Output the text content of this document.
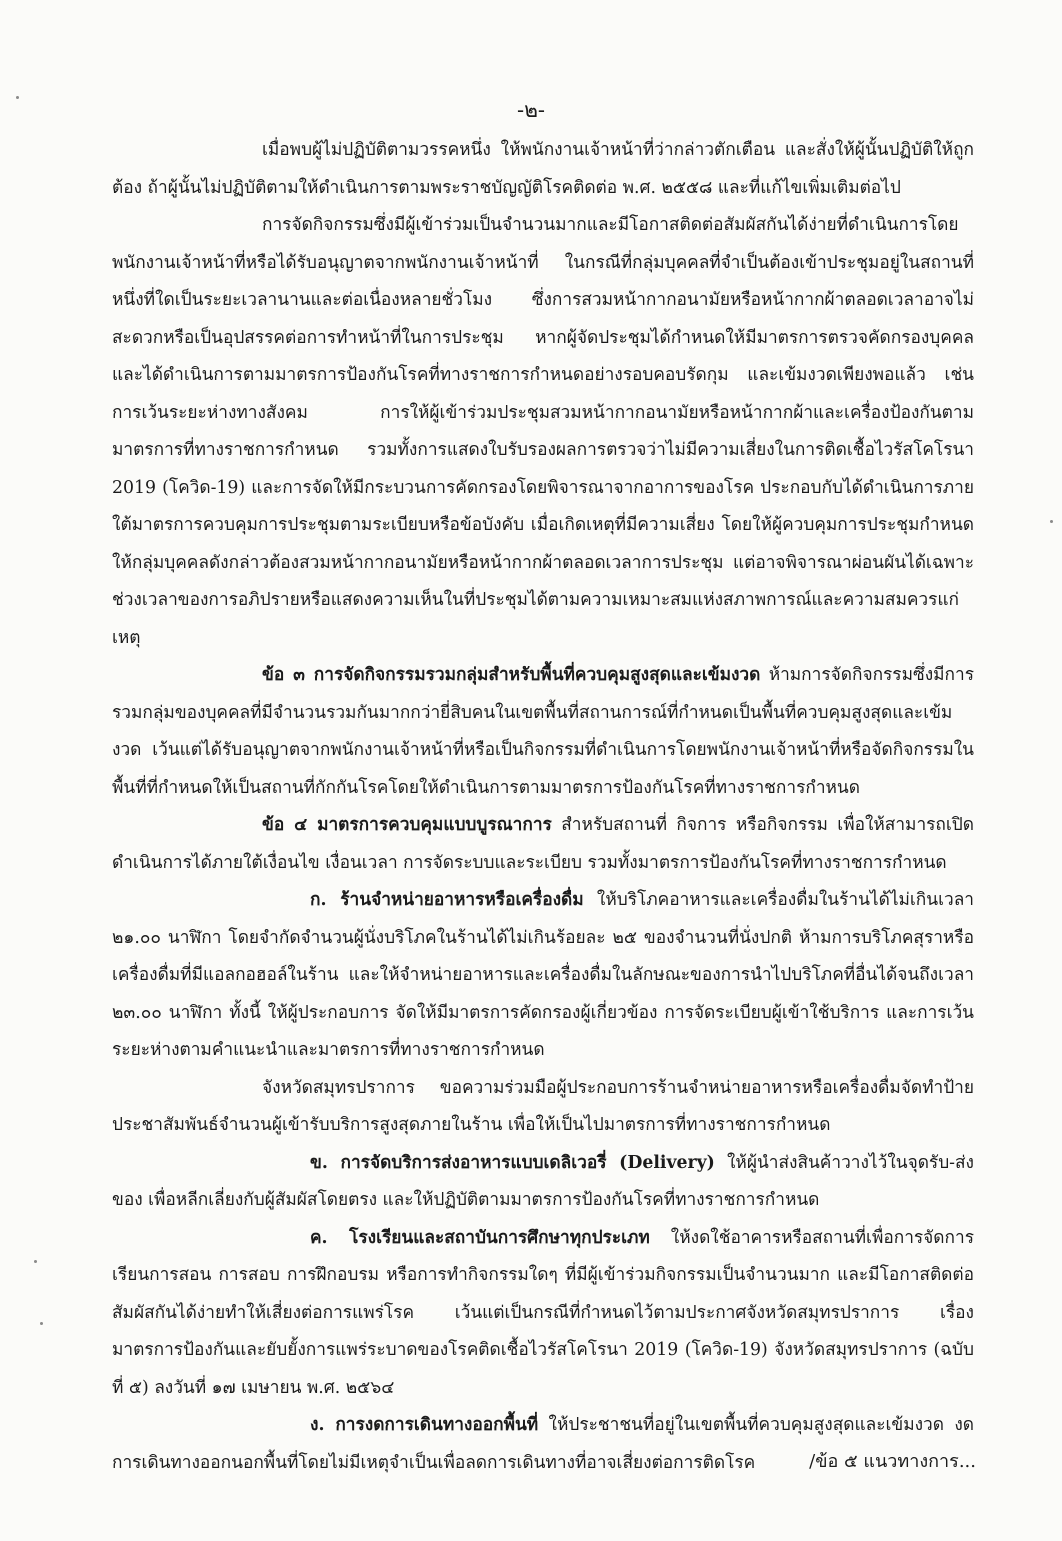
-๒-

เมื่อพบผู้ไม่ปฏิบัติตามวรรคหนึ่ง ให้พนักงานเจ้าหน้าที่ว่ากล่าวตักเตือน และสั่งให้ผู้นั้นปฏิบัติให้ถูกต้อง ถ้าผู้นั้นไม่ปฏิบัติตามให้ดำเนินการตามพระราชบัญญัติโรคติดต่อ พ.ศ. ๒๕๕๘ และที่แก้ไขเพิ่มเติมต่อไป

การจัดกิจกรรมซึ่งมีผู้เข้าร่วมเป็นจำนวนมากและมีโอกาสติดต่อสัมผัสกันได้ง่ายที่ดำเนินการโดยพนักงานเจ้าหน้าที่หรือได้รับอนุญาตจากพนักงานเจ้าหน้าที่ ในกรณีที่กลุ่มบุคคลที่จำเป็นต้องเข้าประชุมอยู่ในสถานที่หนึ่งที่ใดเป็นระยะเวลานานและต่อเนื่องหลายชั่วโมง ซึ่งการสวมหน้ากากอนามัยหรือหน้ากากผ้าตลอดเวลาอาจไม่สะดวกหรือเป็นอุปสรรคต่อการทำหน้าที่ในการประชุม หากผู้จัดประชุมได้กำหนดให้มีมาตรการตรวจคัดกรองบุคคลและได้ดำเนินการตามมาตรการป้องกันโรคที่ทางราชการกำหนดอย่างรอบคอบรัดกุม และเข้มงวดเพียงพอแล้ว เช่น การเว้นระยะห่างทางสังคม การให้ผู้เข้าร่วมประชุมสวมหน้ากากอนามัยหรือหน้ากากผ้าและเครื่องป้องกันตามมาตรการที่ทางราชการกำหนด รวมทั้งการแสดงใบรับรองผลการตรวจว่าไม่มีความเสี่ยงในการติดเชื้อไวรัสโคโรนา 2019 (โควิด-19) และการจัดให้มีกระบวนการคัดกรองโดยพิจารณาจากอาการของโรค ประกอบกับได้ดำเนินการภายใต้มาตรการควบคุมการประชุมตามระเบียบหรือข้อบังคับ เมื่อเกิดเหตุที่มีความเสี่ยง โดยให้ผู้ควบคุมการประชุมกำหนดให้กลุ่มบุคคลดังกล่าวต้องสวมหน้ากากอนามัยหรือหน้ากากผ้าตลอดเวลาการประชุม แต่อาจพิจารณาผ่อนผันได้เฉพาะช่วงเวลาของการอภิปรายหรือแสดงความเห็นในที่ประชุมได้ตามความเหมาะสมแห่งสภาพการณ์และความสมควรแก่เหตุ

ข้อ ๓ การจัดกิจกรรมรวมกลุ่มสำหรับพื้นที่ควบคุมสูงสุดและเข้มงวด ห้ามการจัดกิจกรรมซึ่งมีการรวมกลุ่มของบุคคลที่มีจำนวนรวมกันมากกว่ายี่สิบคนในเขตพื้นที่สถานการณ์ที่กำหนดเป็นพื้นที่ควบคุมสูงสุดและเข้มงวด เว้นแต่ได้รับอนุญาตจากพนักงานเจ้าหน้าที่หรือเป็นกิจกรรมที่ดำเนินการโดยพนักงานเจ้าหน้าที่หรือจัดกิจกรรมในพื้นที่ที่กำหนดให้เป็นสถานที่กักกันโรคโดยให้ดำเนินการตามมาตรการป้องกันโรคที่ทางราชการกำหนด

ข้อ ๔ มาตรการควบคุมแบบบูรณาการ สำหรับสถานที่ กิจการ หรือกิจกรรม เพื่อให้สามารถเปิดดำเนินการได้ภายใต้เงื่อนไข เงื่อนเวลา การจัดระบบและระเบียบ รวมทั้งมาตรการป้องกันโรคที่ทางราชการกำหนด

ก. ร้านจำหน่ายอาหารหรือเครื่องดื่ม ให้บริโภคอาหารและเครื่องดื่มในร้านได้ไม่เกินเวลา ๒๑.๐๐ นาฬิกา โดยจำกัดจำนวนผู้นั่งบริโภคในร้านได้ไม่เกินร้อยละ ๒๕ ของจำนวนที่นั่งปกติ ห้ามการบริโภคสุราหรือเครื่องดื่มที่มีแอลกอฮอล์ในร้าน และให้จำหน่ายอาหารและเครื่องดื่มในลักษณะของการนำไปบริโภคที่อื่นได้จนถึงเวลา ๒๓.๐๐ นาฬิกา ทั้งนี้ ให้ผู้ประกอบการ จัดให้มีมาตรการคัดกรองผู้เกี่ยวข้อง การจัดระเบียบผู้เข้าใช้บริการ และการเว้นระยะห่างตามคำแนะนำและมาตรการที่ทางราชการกำหนด

จังหวัดสมุทรปราการ ขอความร่วมมือผู้ประกอบการร้านจำหน่ายอาหารหรือเครื่องดื่มจัดทำป้ายประชาสัมพันธ์จำนวนผู้เข้ารับบริการสูงสุดภายในร้าน เพื่อให้เป็นไปมาตรการที่ทางราชการกำหนด

ข. การจัดบริการส่งอาหารแบบเดลิเวอรี่ (Delivery) ให้ผู้นำส่งสินค้าวางไว้ในจุดรับ-ส่งของ เพื่อหลีกเลี่ยงกับผู้สัมผัสโดยตรง และให้ปฏิบัติตามมาตรการป้องกันโรคที่ทางราชการกำหนด

ค. โรงเรียนและสถาบันการศึกษาทุกประเภท ให้งดใช้อาคารหรือสถานที่เพื่อการจัดการเรียนการสอน การสอบ การฝึกอบรม หรือการทำกิจกรรมใดๆ ที่มีผู้เข้าร่วมกิจกรรมเป็นจำนวนมาก และมีโอกาสติดต่อสัมผัสกันได้ง่ายทำให้เสี่ยงต่อการแพร่โรค เว้นแต่เป็นกรณีที่กำหนดไว้ตามประกาศจังหวัดสมุทรปราการ เรื่อง มาตรการป้องกันและยับยั้งการแพร่ระบาดของโรคติดเชื้อไวรัสโคโรนา 2019 (โควิด-19) จังหวัดสมุทรปราการ (ฉบับที่ ๕) ลงวันที่ ๑๗ เมษายน พ.ศ. ๒๕๖๔

ง. การงดการเดินทางออกพื้นที่ ให้ประชาชนที่อยู่ในเขตพื้นที่ควบคุมสูงสุดและเข้มงวด งดการเดินทางออกนอกพื้นที่โดยไม่มีเหตุจำเป็นเพื่อลดการเดินทางที่อาจเสี่ยงต่อการติดโรค	/ข้อ ๕ แนวทางการ...
